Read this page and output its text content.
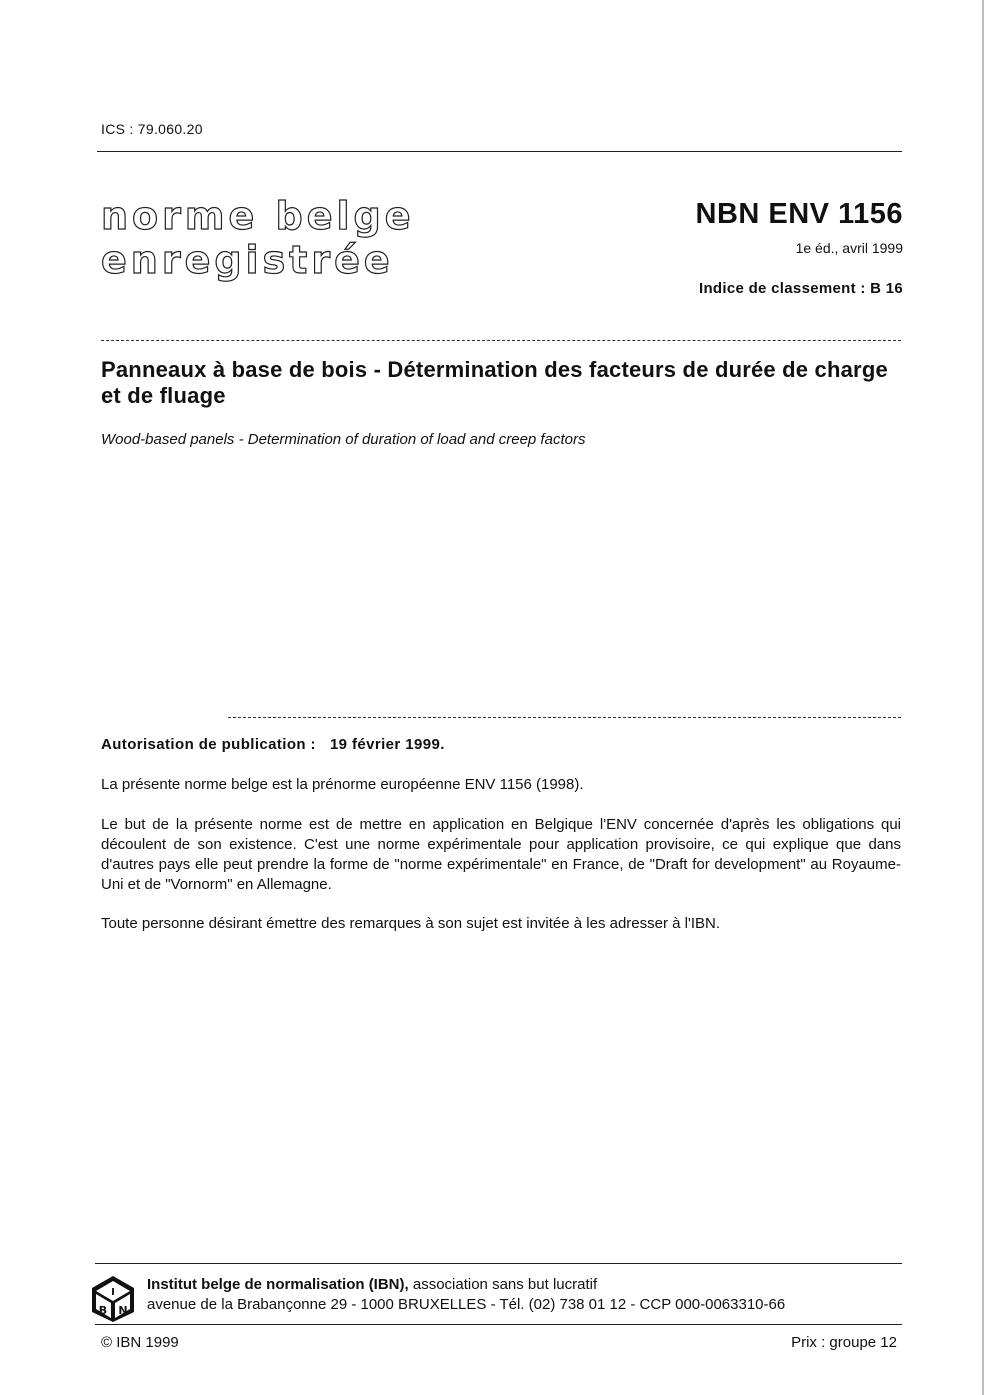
ICS : 79.060.20
norme belge
enregistrée
NBN ENV 1156
1e éd., avril 1999
Indice de classement : B 16
Panneaux à base de bois - Détermination des facteurs de durée de charge et de fluage
Wood-based panels - Determination of duration of load and creep factors
Autorisation de publication : 19 février 1999.
La présente norme belge est la prénorme européenne ENV 1156 (1998).
Le but de la présente norme est de mettre en application en Belgique l'ENV concernée d'après les obligations qui découlent de son existence. C'est une norme expérimentale pour application provisoire, ce qui explique que dans d'autres pays elle peut prendre la forme de "norme expérimentale" en France, de "Draft for development" au Royaume-Uni et de "Vornorm" en Allemagne.
Toute personne désirant émettre des remarques à son sujet est invitée à les adresser à l'IBN.
I
B N
Institut belge de normalisation (IBN), association sans but lucratif
avenue de la Brabançonne 29 - 1000 BRUXELLES - Tél. (02) 738 01 12 - CCP 000-0063310-66
© IBN 1999	Prix : groupe 12
